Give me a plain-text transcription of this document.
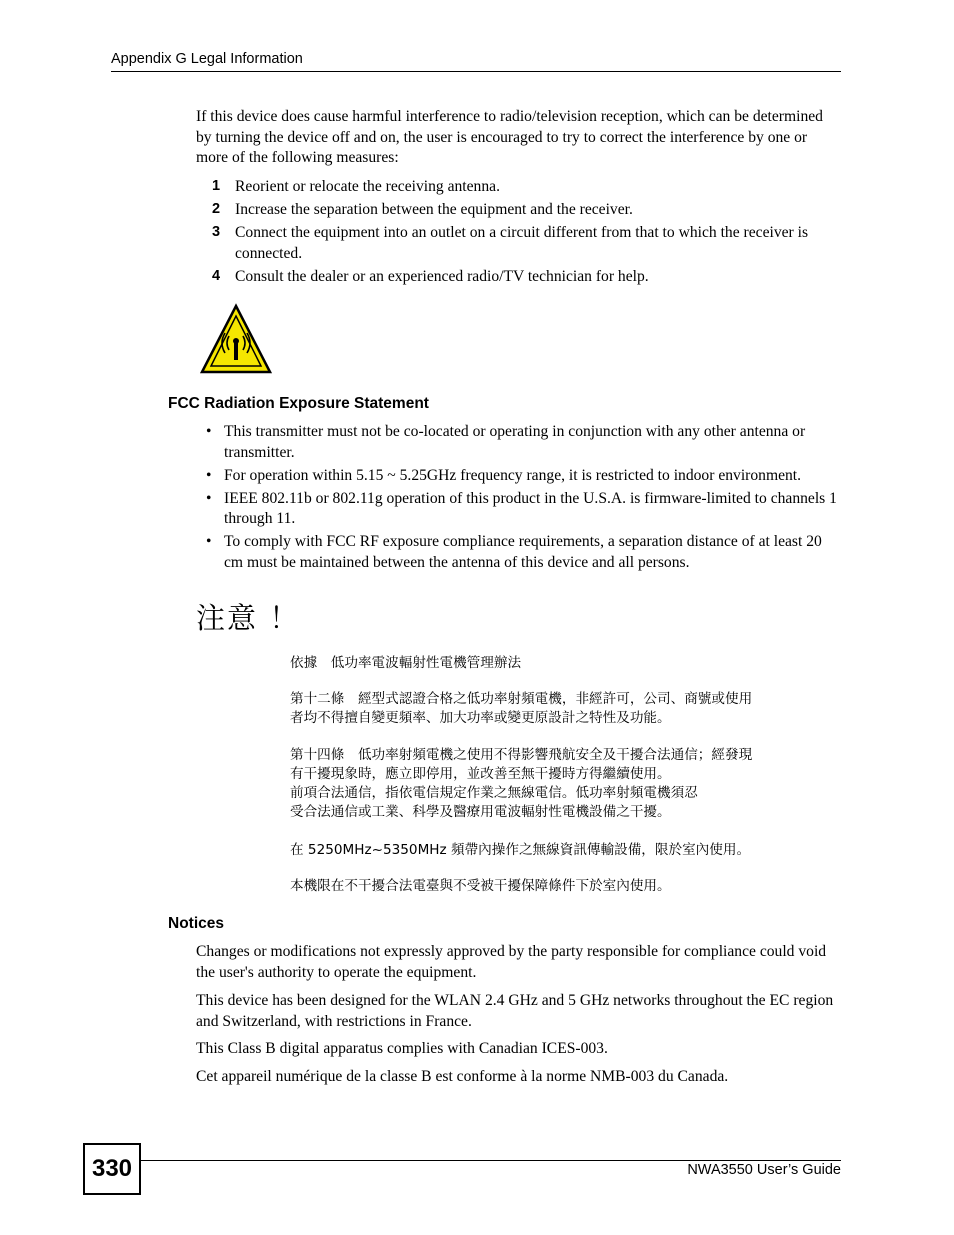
Appendix G Legal Information
If this device does cause harmful interference to radio/television reception, which can be determined by turning the device off and on, the user is encouraged to try to correct the interference by one or more of the following measures:
1 Reorient or relocate the receiving antenna.
2 Increase the separation between the equipment and the receiver.
3 Connect the equipment into an outlet on a circuit different from that to which the receiver is connected.
4 Consult the dealer or an experienced radio/TV technician for help.
FCC Radiation Exposure Statement
• This transmitter must not be co-located or operating in conjunction with any other antenna or transmitter.
• For operation within 5.15 ~ 5.25GHz frequency range, it is restricted to indoor environment.
• IEEE 802.11b or 802.11g operation of this product in the U.S.A. is firmware-limited to channels 1 through 11.
• To comply with FCC RF exposure compliance requirements, a separation distance of at least 20 cm must be maintained between the antenna of this device and all persons.
注意 ！
依據　低功率電波輻射性電機管理辦法
第十二條　經型式認證合格之低功率射頻電機，非經許可，公司、商號或使用
者均不得擅自變更頻率、加大功率或變更原設計之特性及功能。
第十四條　低功率射頻電機之使用不得影響飛航安全及干擾合法通信；經發現
有干擾現象時，應立即停用，並改善至無干擾時方得繼續使用。
前項合法通信，指依電信規定作業之無線電信。低功率射頻電機須忍
受合法通信或工業、科學及醫療用電波輻射性電機設備之干擾。
在 5250MHz~5350MHz 頻帶內操作之無線資訊傳輸設備，限於室內使用。
本機限在不干擾合法電臺與不受被干擾保障條件下於室內使用。
Notices
Changes or modifications not expressly approved by the party responsible for compliance could void the user's authority to operate the equipment.
This device has been designed for the WLAN 2.4 GHz and 5 GHz networks throughout the EC region and Switzerland, with restrictions in France.
This Class B digital apparatus complies with Canadian ICES-003.
Cet appareil numérique de la classe B est conforme à la norme NMB-003 du Canada.
330	NWA3550 User’s Guide
